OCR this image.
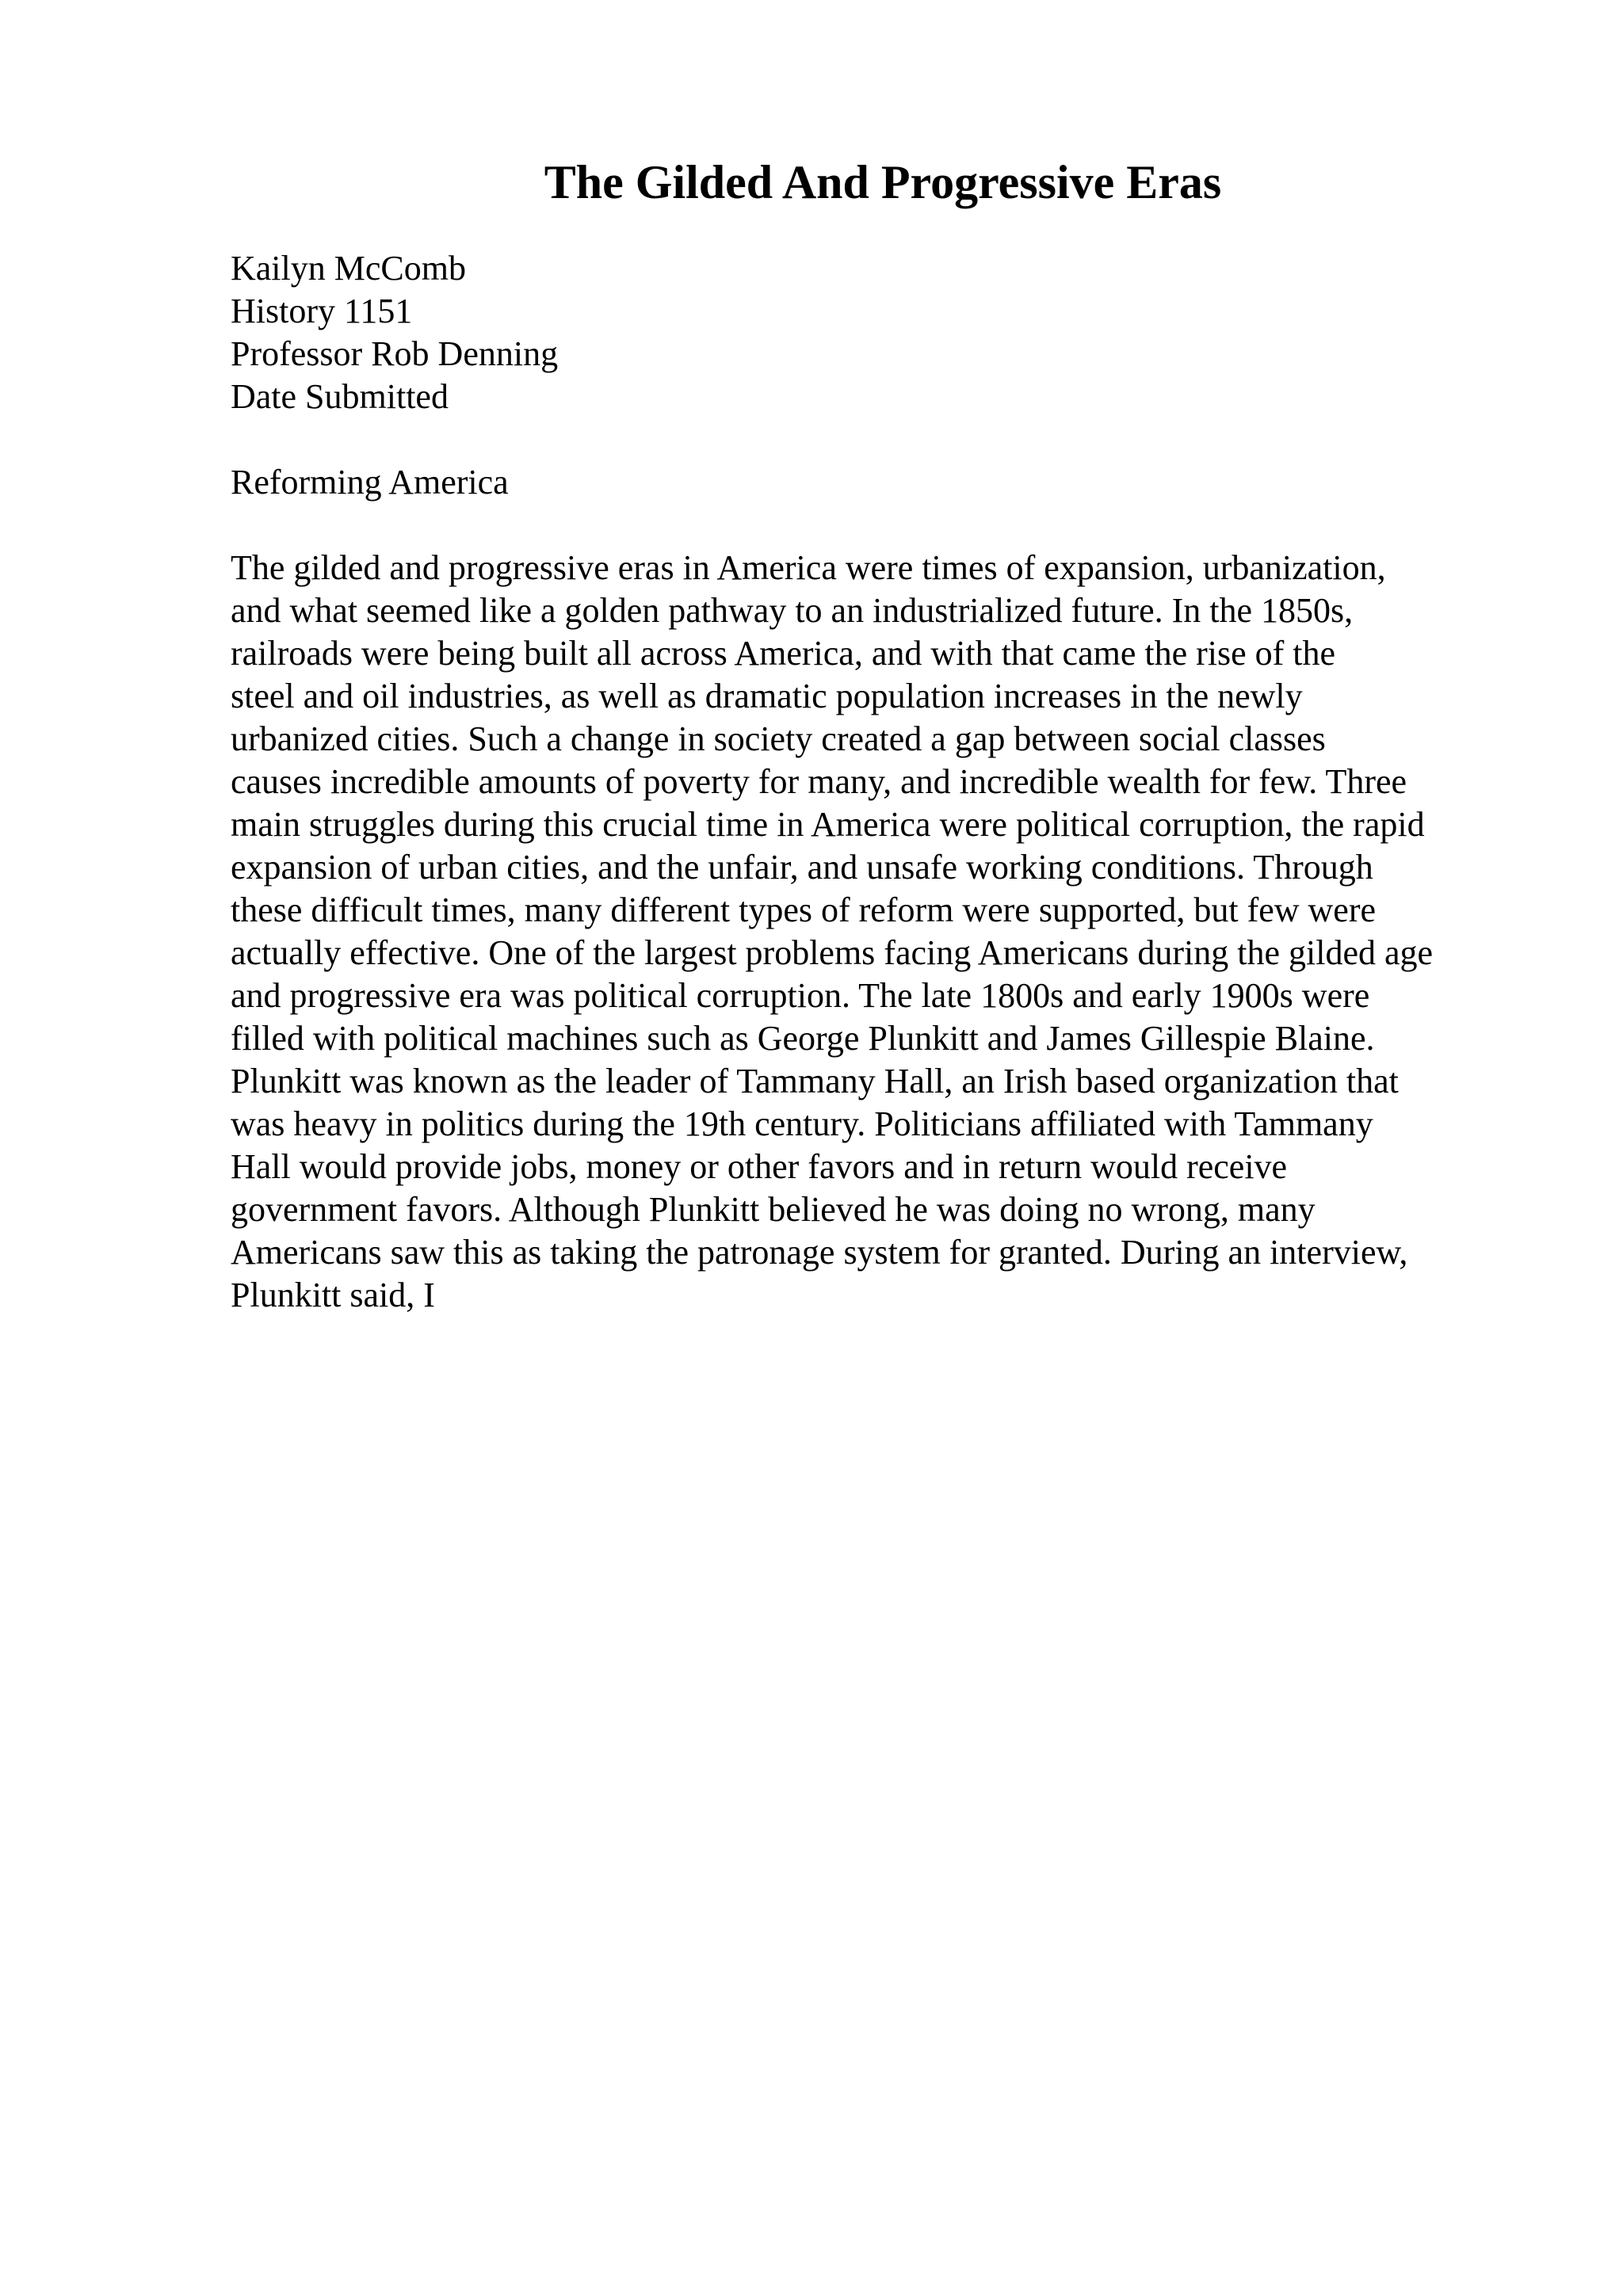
The Gilded And Progressive Eras
Kailyn McComb
History 1151
Professor Rob Denning
Date Submitted
Reforming America

The gilded and progressive eras in America were times of expansion, urbanization,
and what seemed like a golden pathway to an industrialized future. In the 1850s,
railroads were being built all across America, and with that came the rise of the
steel and oil industries, as well as dramatic population increases in the newly
urbanized cities. Such a change in society created a gap between social classes
causes incredible amounts of poverty for many, and incredible wealth for few. Three
main struggles during this crucial time in America were political corruption, the rapid
expansion of urban cities, and the unfair, and unsafe working conditions. Through
these difficult times, many different types of reform were supported, but few were
actually effective. One of the largest problems facing Americans during the gilded age
and progressive era was political corruption. The late 1800s and early 1900s were
filled with political machines such as George Plunkitt and James Gillespie Blaine.
Plunkitt was known as the leader of Tammany Hall, an Irish based organization that
was heavy in politics during the 19th century. Politicians affiliated with Tammany
Hall would provide jobs, money or other favors and in return would receive
government favors. Although Plunkitt believed he was doing no wrong, many
Americans saw this as taking the patronage system for granted. During an interview,
Plunkitt said, I
